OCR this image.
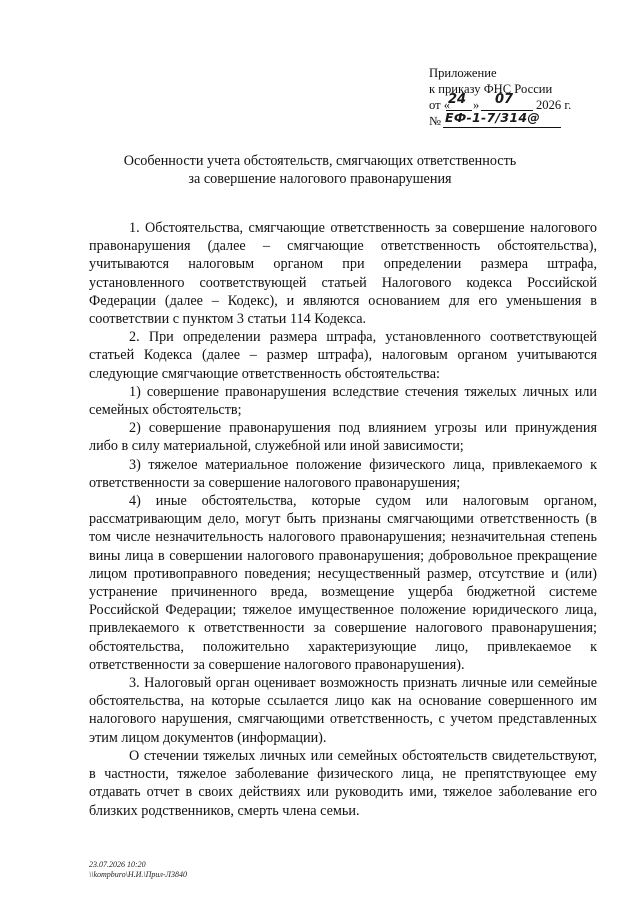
Приложение
к приказу ФНС России
от «
24 » 07 2026 г.
№ ЕФ-1-7/314@
Особенности учета обстоятельств, смягчающих ответственность
за совершение налогового правонарушения

1. Обстоятельства, смягчающие ответственность за совершение налогового правонарушения (далее – смягчающие ответственность обстоятельства), учитываются налоговым органом при определении размера штрафа, установленного соответствующей статьей Налогового кодекса Российской Федерации (далее – Кодекс), и являются основанием для его уменьшения в соответствии с пунктом 3 статьи 114 Кодекса.

2. При определении размера штрафа, установленного соответствующей статьей Кодекса (далее – размер штрафа), налоговым органом учитываются следующие смягчающие ответственность обстоятельства:

1) совершение правонарушения вследствие стечения тяжелых личных или семейных обстоятельств;

2) совершение правонарушения под влиянием угрозы или принуждения либо в силу материальной, служебной или иной зависимости;

3) тяжелое материальное положение физического лица, привлекаемого к ответственности за совершение налогового правонарушения;

4) иные обстоятельства, которые судом или налоговым органом, рассматривающим дело, могут быть признаны смягчающими ответственность (в том числе незначительность налогового правонарушения; незначительная степень вины лица в совершении налогового правонарушения; добровольное прекращение лицом противоправного поведения; несущественный размер, отсутствие и (или) устранение причиненного вреда, возмещение ущерба бюджетной системе Российской Федерации; тяжелое имущественное положение юридического лица, привлекаемого к ответственности за совершение налогового правонарушения; обстоятельства, положительно характеризующие лицо, привлекаемое к ответственности за совершение налогового правонарушения).

3. Налоговый орган оценивает возможность признать личные или семейные обстоятельства, на которые ссылается лицо как на основание совершенного им налогового нарушения, смягчающими ответственность, с учетом представленных этим лицом документов (информации).

О стечении тяжелых личных или семейных обстоятельств свидетельствуют, в частности, тяжелое заболевание физического лица, не препятствующее ему отдавать отчет в своих действиях или руководить ими, тяжелое заболевание его близких родственников, смерть члена семьи.

23.07.2026 10:20
\\kompburo\Н.И.\Прил-Л3840
